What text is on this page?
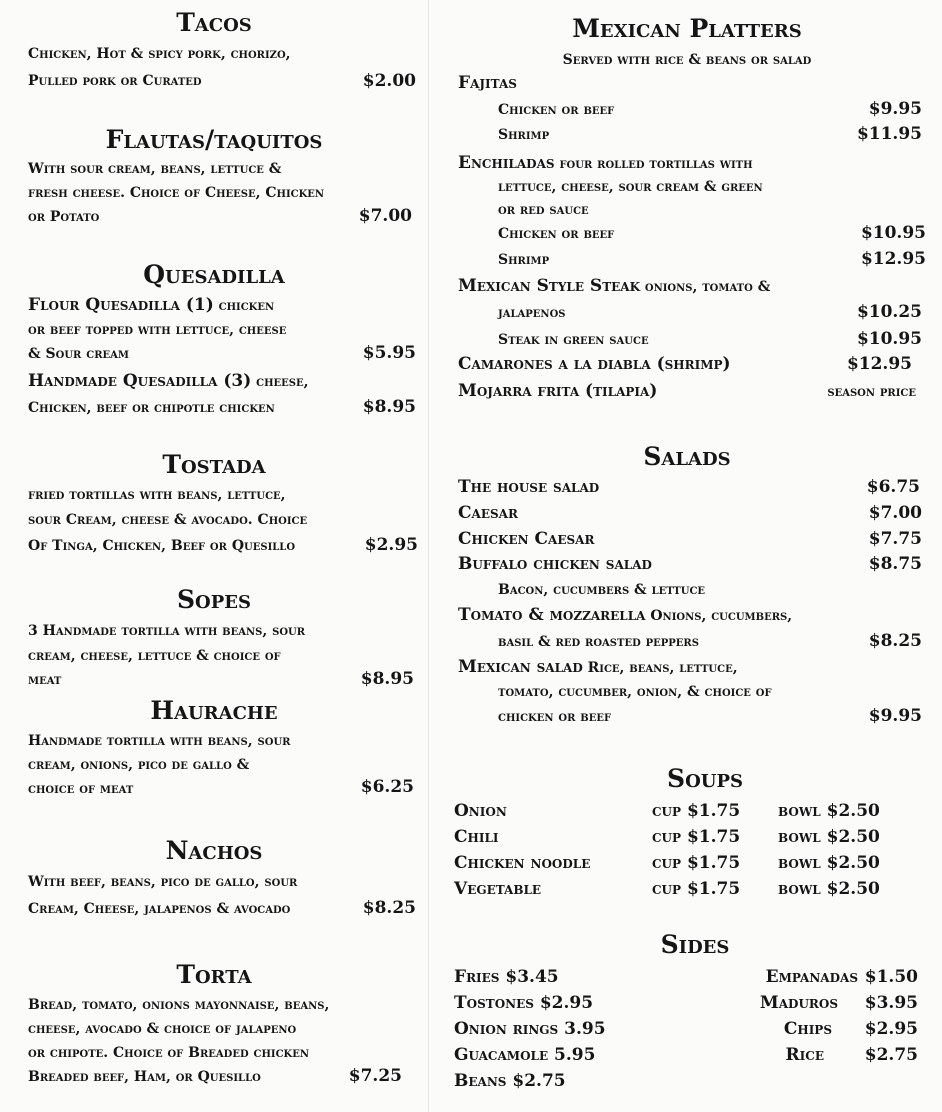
Tacos
Chicken, Hot & spicy pork, chorizo,
Pulled pork or Curated	$2.00
Flautas/taquitos
With sour cream, beans, lettuce &
fresh cheese. Choice of Cheese, Chicken
or Potato	$7.00
Quesadilla
Flour Quesadilla (1) chicken
or beef topped with lettuce, cheese
& Sour cream	$5.95
Handmade Quesadilla (3) cheese,
Chicken, beef or chipotle chicken	$8.95
Tostada
fried tortillas with beans, lettuce,
sour Cream, cheese & avocado. Choice
Of Tinga, Chicken, Beef or Quesillo	$2.95
Sopes
3 Handmade tortilla with beans, sour
cream, cheese, lettuce & choice of
meat	$8.95
Haurache
Handmade tortilla with beans, sour
cream, onions, pico de gallo &
choice of meat	$6.25
Nachos
With beef, beans, pico de gallo, sour
Cream, Cheese, jalapenos & avocado	$8.25
Torta
Bread, tomato, onions mayonnaise, beans,
cheese, avocado & choice of jalapeno
or chipote. Choice of Breaded chicken
Breaded beef, Ham, or Quesillo	$7.25
Mexican Platters
Served with rice & beans or salad
Fajitas
Chicken or beef	$9.95
Shrimp	$11.95
Enchiladas four rolled tortillas with
lettuce, cheese, sour cream & green
or red sauce
Chicken or beef	$10.95
Shrimp	$12.95
Mexican Style Steak onions, tomato &
jalapenos	$10.25
Steak in green sauce	$10.95
Camarones a la diabla (shrimp)	$12.95
Mojarra frita (tilapia)	season price
Salads
The house salad	$6.75
Caesar	$7.00
Chicken Caesar	$7.75
Buffalo chicken salad	$8.75
Bacon, cucumbers & lettuce
Tomato & mozzarella Onions, cucumbers,
basil & red roasted peppers	$8.25
Mexican salad Rice, beans, lettuce,
tomato, cucumber, onion, & choice of
chicken or beef	$9.95
Soups
Onion	cup $1.75 bowl $2.50
Chili	cup $1.75 bowl $2.50
Chicken noodle	cup $1.75 bowl $2.50
Vegetable	cup $1.75 bowl $2.50
Sides
Fries $3.45
Tostones $2.95
Onion rings 3.95
Guacamole 5.95
Beans $2.75
Empanadas $1.50
Maduros $3.95
Chips $2.95
Rice $2.75
